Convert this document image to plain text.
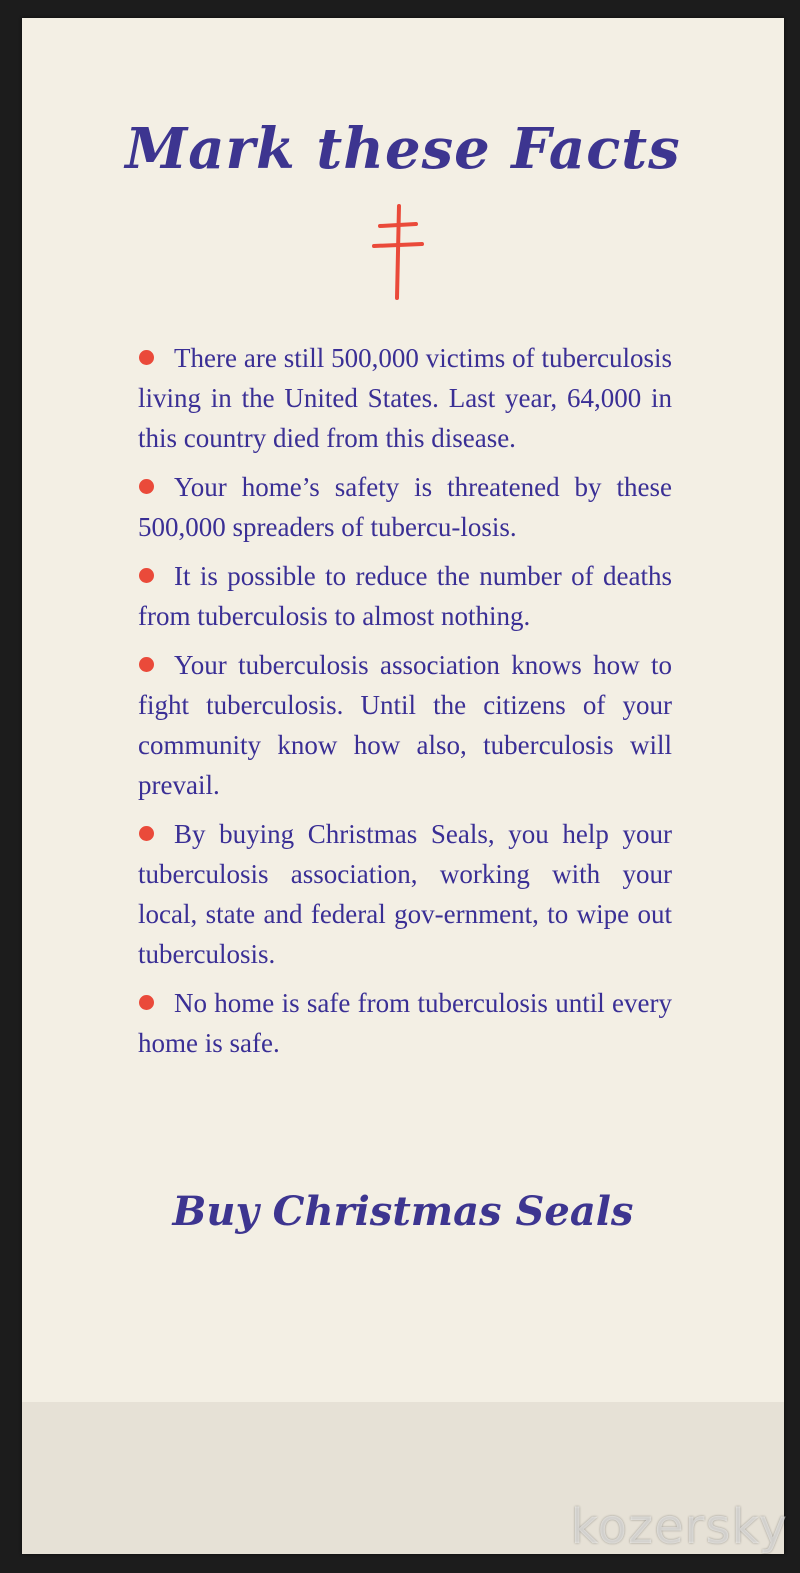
Mark these Facts
There are still 500,000 victims of tuberculosis living in the United States. Last year, 64,000 in this country died from this disease.
Your home’s safety is threatened by these 500,000 spreaders of tubercu-losis.
It is possible to reduce the number of deaths from tuberculosis to almost nothing.
Your tuberculosis association knows how to fight tuberculosis. Until the citizens of your community know how also, tuberculosis will prevail.
By buying Christmas Seals, you help your tuberculosis association, working with your local, state and federal gov-ernment, to wipe out tuberculosis.
No home is safe from tuberculosis until every home is safe.
Buy Christmas Seals
kozersky
